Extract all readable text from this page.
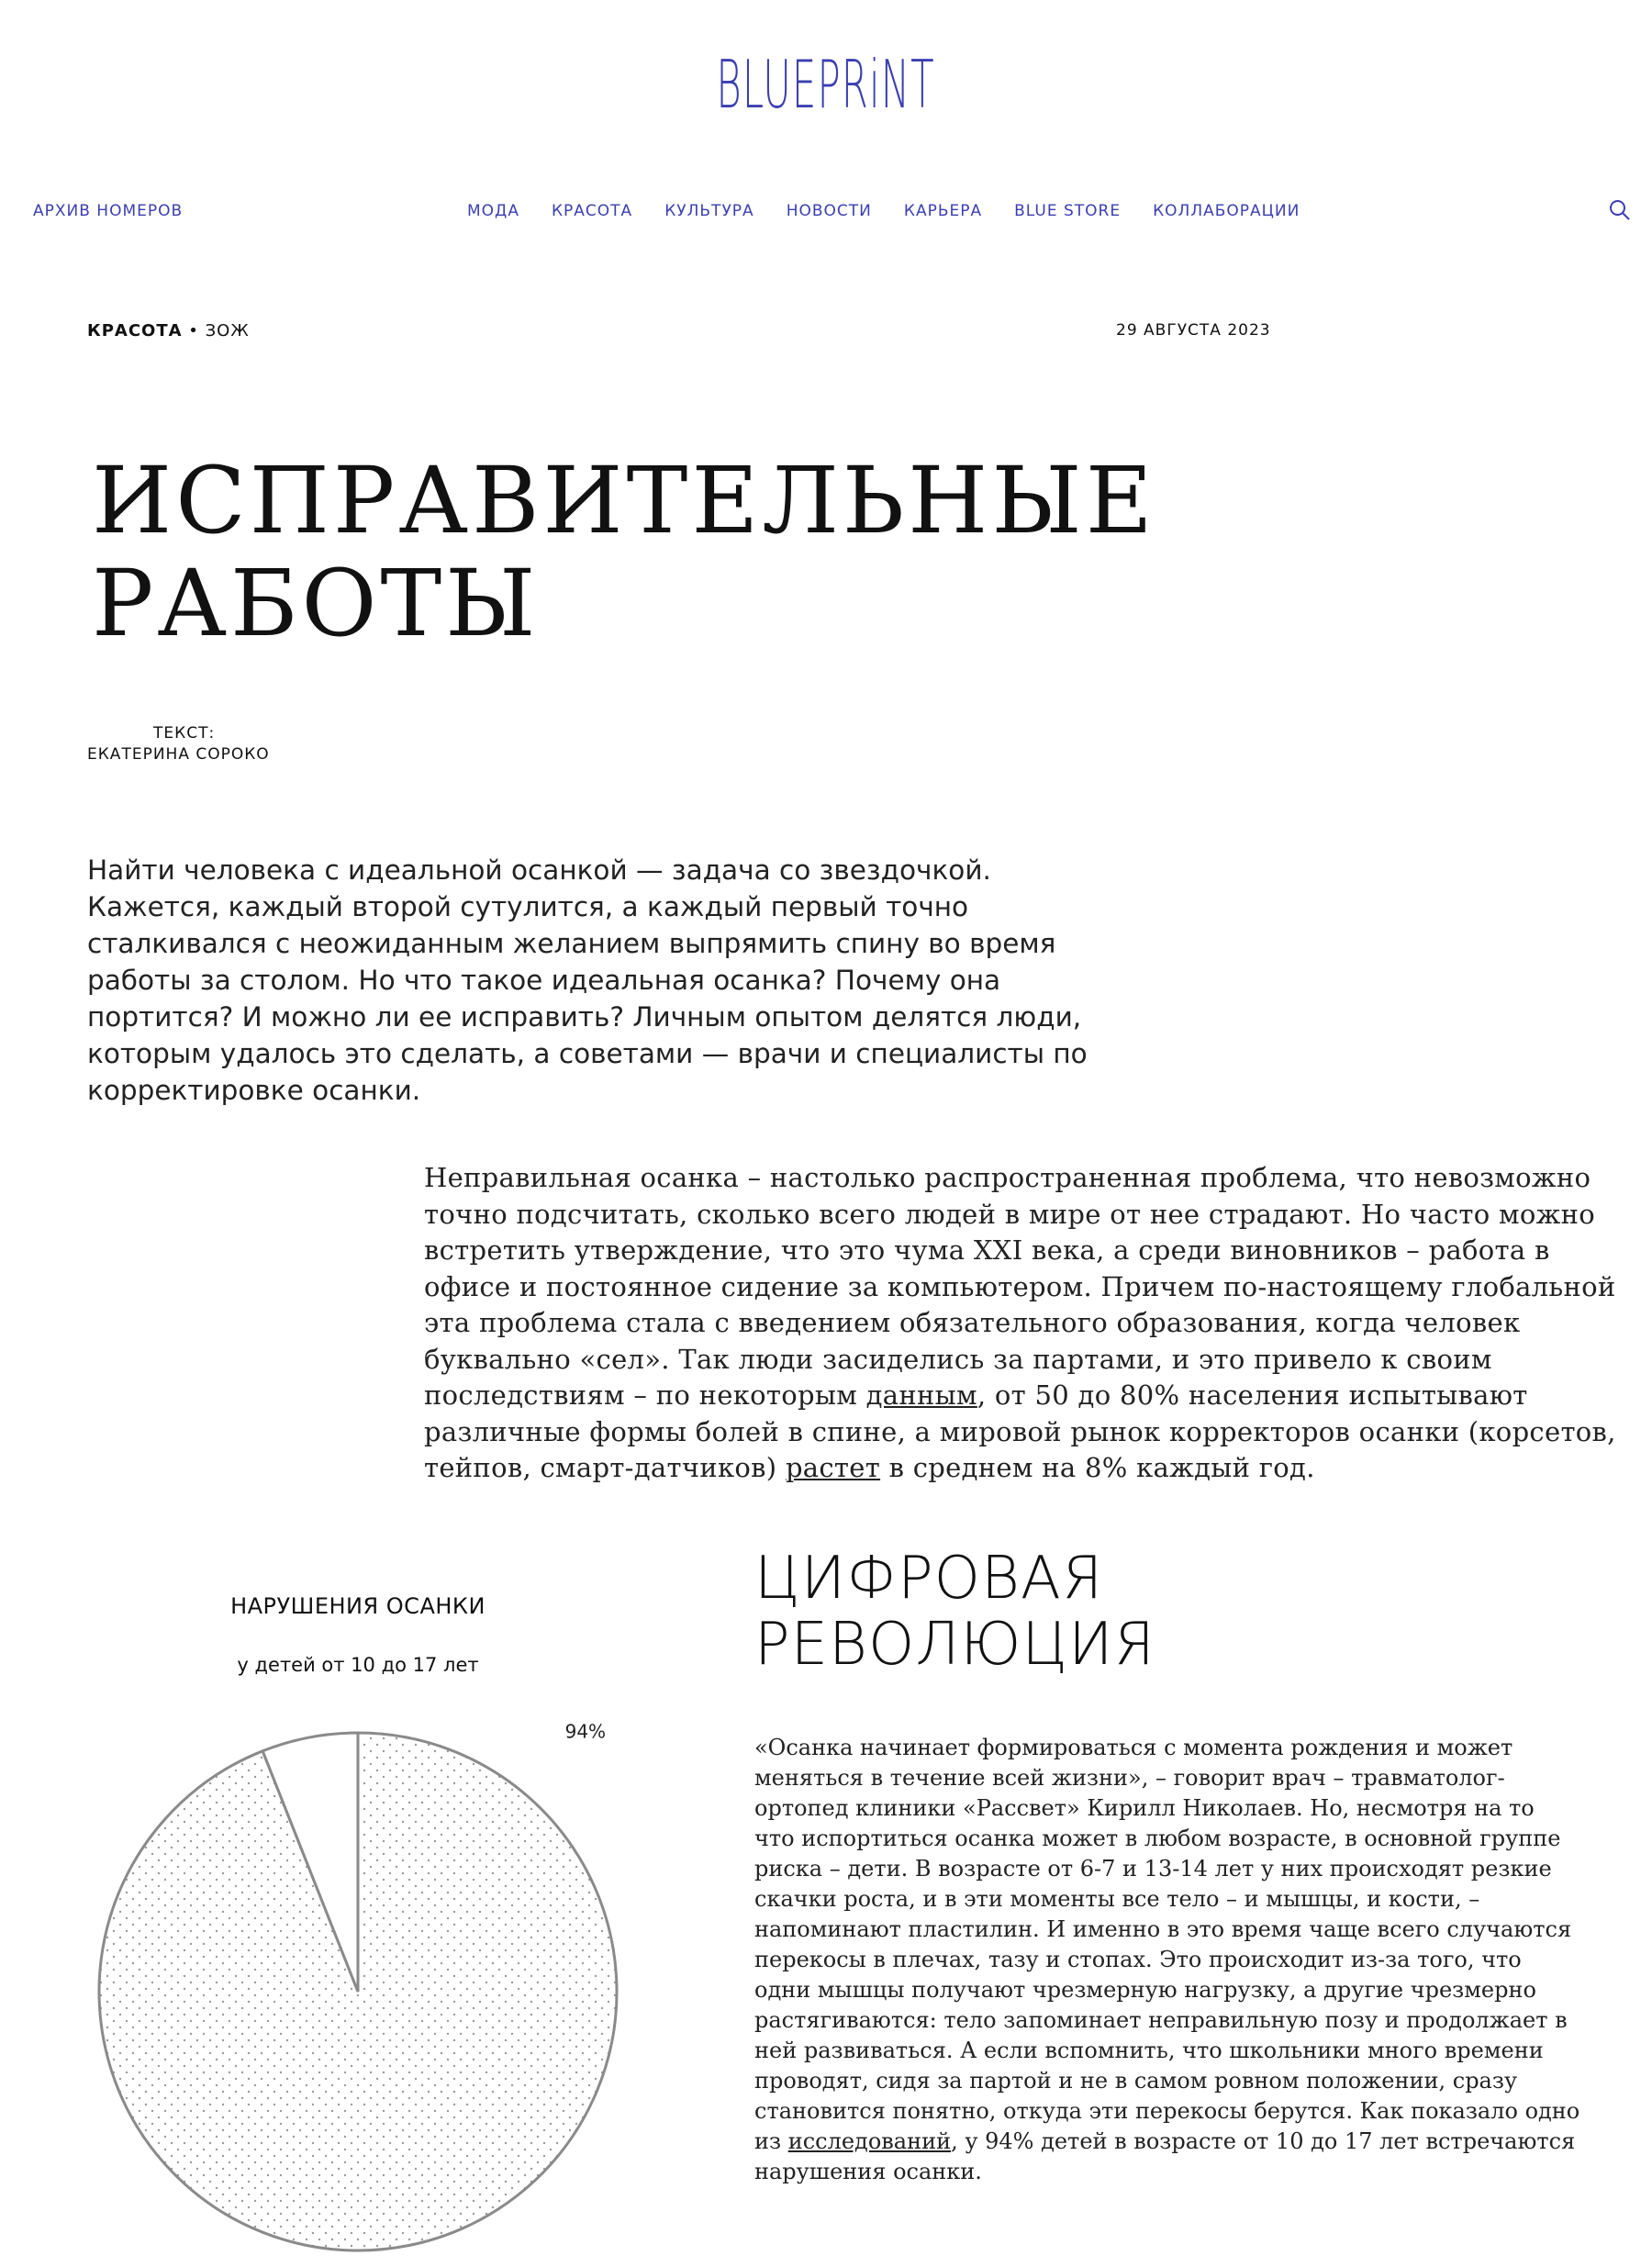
BLUEPRiNT
АРХИВ НОМЕРОВ	МОДА КРАСОТА КУЛЬТУРА НОВОСТИ КАРЬЕРА BLUE STORE КОЛЛАБОРАЦИИ
КРАСОТА • ЗОЖ	29 АВГУСТА 2023
ИСПРАВИТЕЛЬНЫЕ
РАБОТЫ
ТЕКСТ:
ЕКАТЕРИНА СОРОКО
Найти человека с идеальной осанкой — задача со звездочкой. Кажется, каждый второй сутулится, а каждый первый точно сталкивался с неожиданным желанием выпрямить спину во время работы за столом. Но что такое идеальная осанка? Почему она портится? И можно ли ее исправить? Личным опытом делятся люди, которым удалось это сделать, а советами — врачи и специалисты по корректировке осанки.
Неправильная осанка – настолько распространенная проблема, что невозможно точно подсчитать, сколько всего людей в мире от нее страдают. Но часто можно встретить утверждение, что это чума XXI века, а среди виновников – работа в офисе и постоянное сидение за компьютером. Причем по-настоящему глобальной эта проблема стала с введением обязательного образования, когда человек буквально «сел». Так люди засиделись за партами, и это привело к своим последствиям – по некоторым данным, от 50 до 80% населения испытывают различные формы болей в спине, а мировой рынок корректоров осанки (корсетов, тейпов, смарт-датчиков) растет в среднем на 8% каждый год.
НАРУШЕНИЯ ОСАНКИ
у детей от 10 до 17 лет
94%
ЦИФРОВАЯ
РЕВОЛЮЦИЯ
«Осанка начинает формироваться с момента рождения и может меняться в течение всей жизни», – говорит врач – травматолог-ортопед клиники «Рассвет» Кирилл Николаев. Но, несмотря на то что испортиться осанка может в любом возрасте, в основной группе риска – дети. В возрасте от 6-7 и 13-14 лет у них происходят резкие скачки роста, и в эти моменты все тело – и мышцы, и кости, – напоминают пластилин. И именно в это время чаще всего случаются перекосы в плечах, тазу и стопах. Это происходит из-за того, что одни мышцы получают чрезмерную нагрузку, а другие чрезмерно растягиваются: тело запоминает неправильную позу и продолжает в ней развиваться. А если вспомнить, что школьники много времени проводят, сидя за партой и не в самом ровном положении, сразу становится понятно, откуда эти перекосы берутся. Как показало одно из исследований, у 94% детей в возрасте от 10 до 17 лет встречаются нарушения осанки.
